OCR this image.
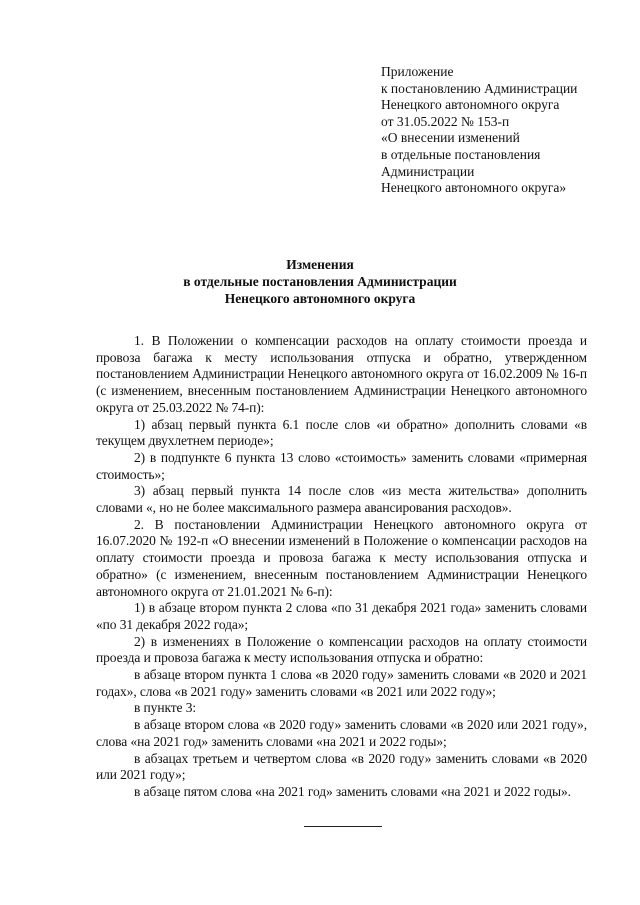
Приложение
к постановлению Администрации
Ненецкого автономного округа
от 31.05.2022 № 153-п
«О внесении изменений
в отдельные постановления
Администрации
Ненецкого автономного округа»
Изменения
в отдельные постановления Администрации
Ненецкого автономного округа

1. В Положении о компенсации расходов на оплату стоимости проезда и провоза багажа к месту использования отпуска и обратно, утвержденном постановлением Администрации Ненецкого автономного округа от 16.02.2009 № 16-п (с изменением, внесенным постановлением Администрации Ненецкого автономного округа от 25.03.2022 № 74-п):

1) абзац первый пункта 6.1 после слов «и обратно» дополнить словами «в текущем двухлетнем периоде»;

2) в подпункте 6 пункта 13 слово «стоимость» заменить словами «примерная стоимость»;

3) абзац первый пункта 14 после слов «из места жительства» дополнить словами «, но не более максимального размера авансирования расходов».

2. В постановлении Администрации Ненецкого автономного округа от 16.07.2020 № 192-п «О внесении изменений в Положение о компенсации расходов на оплату стоимости проезда и провоза багажа к месту использования отпуска и обратно» (с изменением, внесенным постановлением Администрации Ненецкого автономного округа от 21.01.2021 № 6-п):

1) в абзаце втором пункта 2 слова «по 31 декабря 2021 года» заменить словами «по 31 декабря 2022 года»;

2) в изменениях в Положение о компенсации расходов на оплату стоимости проезда и провоза багажа к месту использования отпуска и обратно:

в абзаце втором пункта 1 слова «в 2020 году» заменить словами «в 2020 и 2021 годах», слова «в 2021 году» заменить словами «в 2021 или 2022 году»;

в пункте 3:

в абзаце втором слова «в 2020 году» заменить словами «в 2020 или 2021 году», слова «на 2021 год» заменить словами «на 2021 и 2022 годы»;

в абзацах третьем и четвертом слова «в 2020 году» заменить словами «в 2020 или 2021 году»;

в абзаце пятом слова «на 2021 год» заменить словами «на 2021 и 2022 годы».
